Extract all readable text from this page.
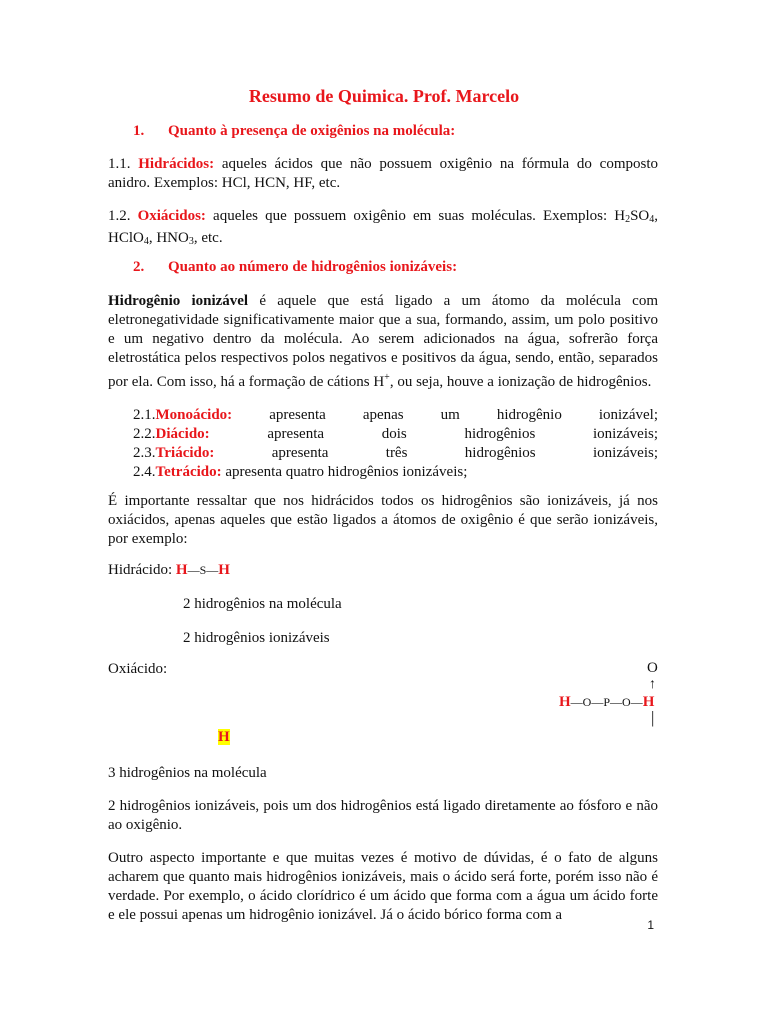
Resumo de Quimica. Prof. Marcelo
1. Quanto à presença de oxigênios na molécula:
1.1. Hidrácidos: aqueles ácidos que não possuem oxigênio na fórmula do composto anidro. Exemplos: HCl, HCN, HF, etc.
1.2. Oxiácidos: aqueles que possuem oxigênio em suas moléculas. Exemplos: $H_2SO_4$, HClO$_4$, $HNO_3$, etc.
2. Quanto ao número de hidrogênios ionizáveis:
Hidrogênio ionizável é aquele que está ligado a um átomo da molécula com eletronegatividade significativamente maior que a sua, formando, assim, um polo positivo e um negativo dentro da molécula. Ao serem adicionados na água, sofrerão força eletrostática pelos respectivos polos negativos e positivos da água, sendo, então, separados por ela. Com isso, há a formação de cátions H+, ou seja, houve a ionização de hidrogênios.
2.1.Monoácido: apresenta apenas um hidrogênio ionizável;
2.2.Diácido:	apresenta dois hidrogênios ionizáveis;
2.3.Triácido:	apresenta três hidrogênios ionizáveis;
2.4.Tetrácido: apresenta quatro hidrogênios ionizáveis;
É importante ressaltar que nos hidrácidos todos os hidrogênios são ionizáveis, já nos oxiácidos, apenas aqueles que estão ligados a átomos de oxigênio é que serão ionizáveis, por exemplo:
Hidrácido: H—S—H
2 hidrogênios na molécula
2 hidrogênios ionizáveis
Oxiácido:	O
↑
H—O—P—O—H
|
H
3 hidrogênios na molécula
2 hidrogênios ionizáveis, pois um dos hidrogênios está ligado diretamente ao fósforo e não ao oxigênio.
Outro aspecto importante e que muitas vezes é motivo de dúvidas, é o fato de alguns acharem que quanto mais hidrogênios ionizáveis, mais o ácido será forte, porém isso não é verdade. Por exemplo, o ácido clorídrico é um ácido que forma com a água um ácido forte e ele possui apenas um hidrogênio ionizável. Já o ácido bórico forma com a
1
